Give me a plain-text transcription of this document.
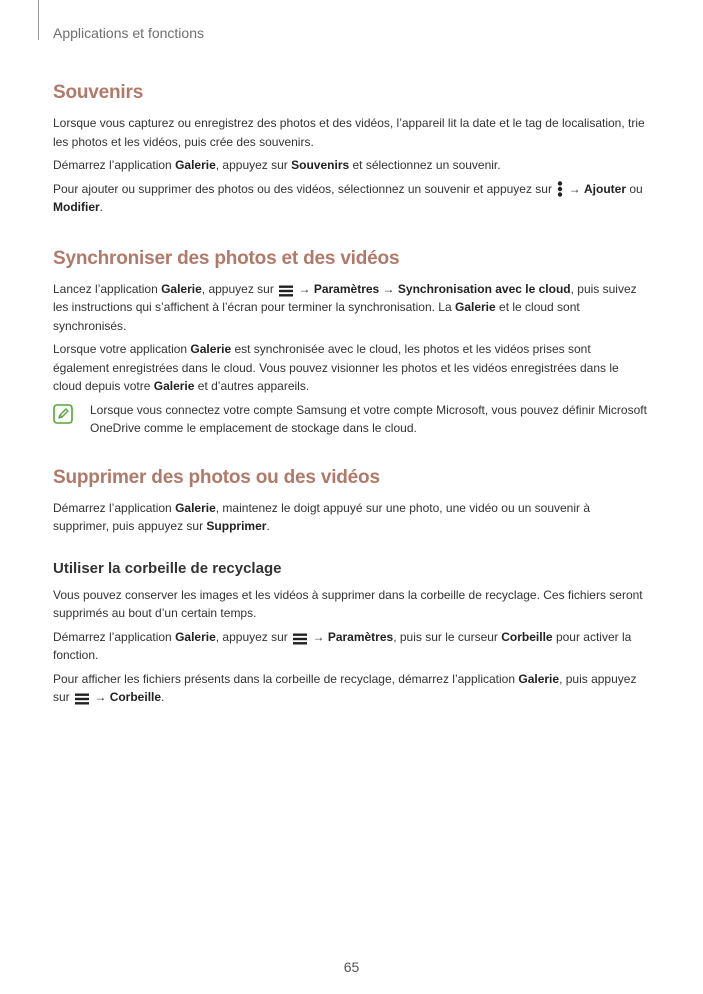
Applications et fonctions
Souvenirs

Lorsque vous capturez ou enregistrez des photos et des vidéos, l’appareil lit la date et le tag de localisation, trie les photos et les vidéos, puis crée des souvenirs.

Démarrez l’application Galerie, appuyez sur Souvenirs et sélectionnez un souvenir.

Pour ajouter ou supprimer des photos ou des vidéos, sélectionnez un souvenir et appuyez sur  → Ajouter ou Modifier.

Synchroniser des photos et des vidéos

Lancez l’application Galerie, appuyez sur  → Paramètres → Synchronisation avec le cloud, puis suivez les instructions qui s’affichent à l’écran pour terminer la synchronisation. La Galerie et le cloud sont synchronisés.

Lorsque votre application Galerie est synchronisée avec le cloud, les photos et les vidéos prises sont également enregistrées dans le cloud. Vous pouvez visionner les photos et les vidéos enregistrées dans le cloud depuis votre Galerie et d’autres appareils.

Lorsque vous connectez votre compte Samsung et votre compte Microsoft, vous pouvez définir Microsoft OneDrive comme le emplacement de stockage dans le cloud.

Supprimer des photos ou des vidéos

Démarrez l’application Galerie, maintenez le doigt appuyé sur une photo, une vidéo ou un souvenir à supprimer, puis appuyez sur Supprimer.

Utiliser la corbeille de recyclage

Vous pouvez conserver les images et les vidéos à supprimer dans la corbeille de recyclage. Ces fichiers seront supprimés au bout d’un certain temps.

Démarrez l’application Galerie, appuyez sur  → Paramètres, puis sur le curseur Corbeille pour activer la fonction.

Pour afficher les fichiers présents dans la corbeille de recyclage, démarrez l’application Galerie, puis appuyez sur  → Corbeille.

65
